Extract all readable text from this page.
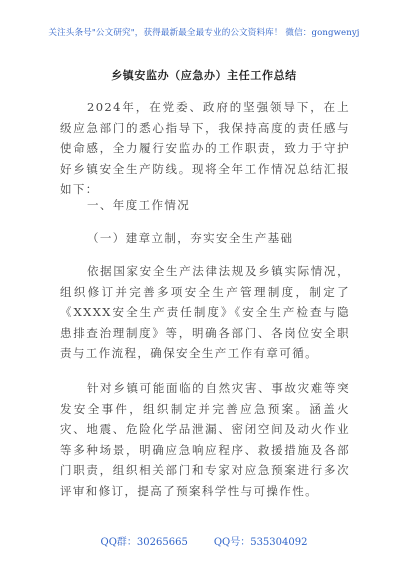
关注头条号"公文研究"，获得最新最全最专业的公文资料库！ 微信：gongwenyj
乡镇安监办（应急办）主任工作总结

2024年，在党委、政府的坚强领导下，在上级应急部门的悉心指导下，我保持高度的责任感与使命感，全力履行安监办的工作职责，致力于守护好乡镇安全生产防线。现将全年工作情况总结汇报如下：

一、年度工作情况
（一）建章立制，夯实安全生产基础

依据国家安全生产法律法规及乡镇实际情况，组织修订并完善多项安全生产管理制度，制定了《XXXX安全生产责任制度》《安全生产检查与隐患排查治理制度》等，明确各部门、各岗位安全职责与工作流程，确保安全生产工作有章可循。

针对乡镇可能面临的自然灾害、事故灾难等突发安全事件，组织制定并完善应急预案。涵盖火灾、地震、危险化学品泄漏、密闭空间及动火作业等多种场景，明确应急响应程序、救援措施及各部门职责，组织相关部门和专家对应急预案进行多次评审和修订，提高了预案科学性与可操作性。

QQ群：30265665	QQ号：535304092
